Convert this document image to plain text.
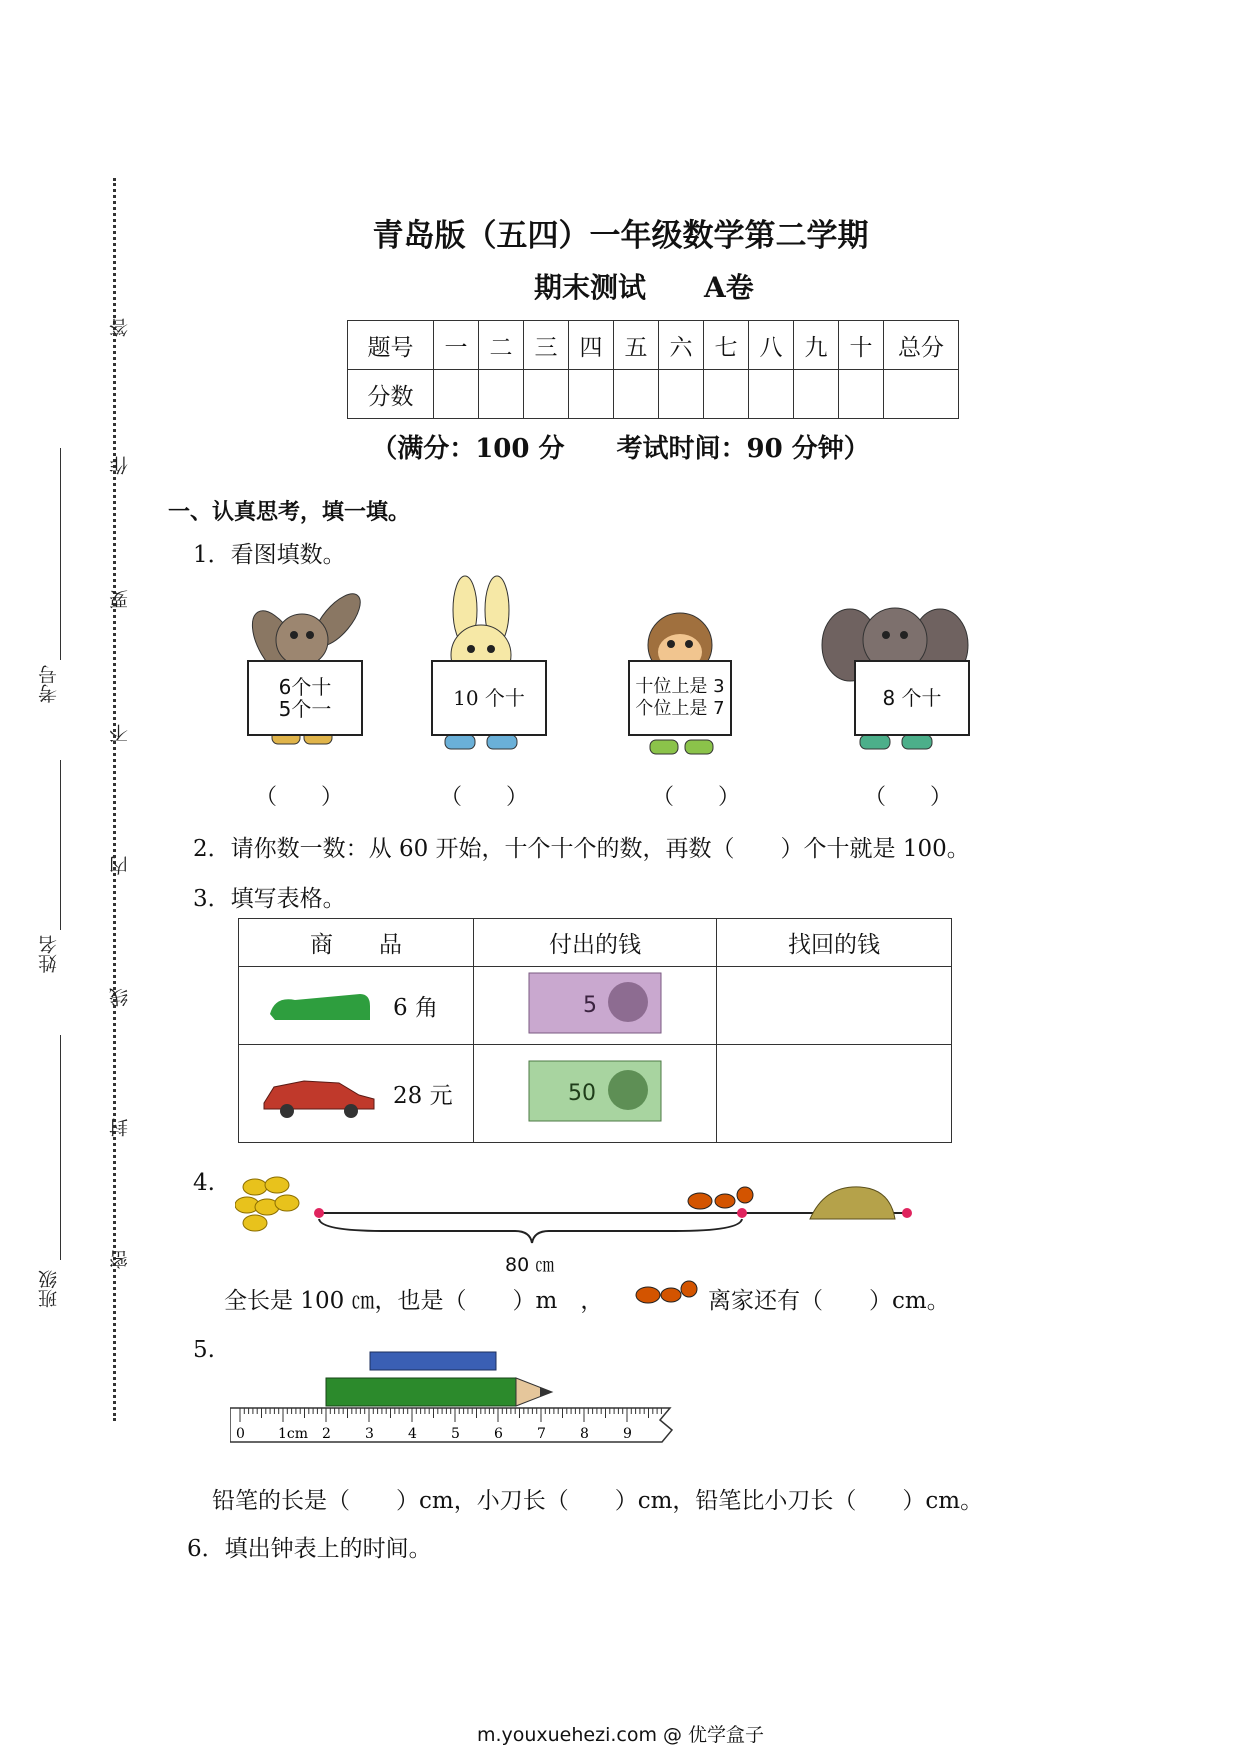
答
作
要
不
内
线
封
密
考号
姓名
班级
青岛版（五四）一年级数学第二学期
期末测试 A卷
题号	一	二	三	四	五	六	七	八	九	十	总分
分数											
（满分：100 分　　考试时间：90 分钟）
一、认真思考，填一填。
1．看图填数。
6个十
5个一	10 个十	十位上是 3
个位上是 7	8 个十
（　　）	（　　）	（　　）	（　　）
2．请你数一数：从 60 开始，十个十个的数，再数（　　）个十就是 100。
3．填写表格。
商　　品	付出的钱	找回的钱

6 角	5	

28 元	50	

4.
80 ㎝
全长是 100 ㎝，也是（　　）m　，	离家还有（　　）cm。
5.
0 1cm 2 3 4 5 6 7 8 9
铅笔的长是（　　）cm，小刀长（　　）cm，铅笔比小刀长（　　）cm。
6．填出钟表上的时间。
m.youxuehezi.com @ 优学盒子
